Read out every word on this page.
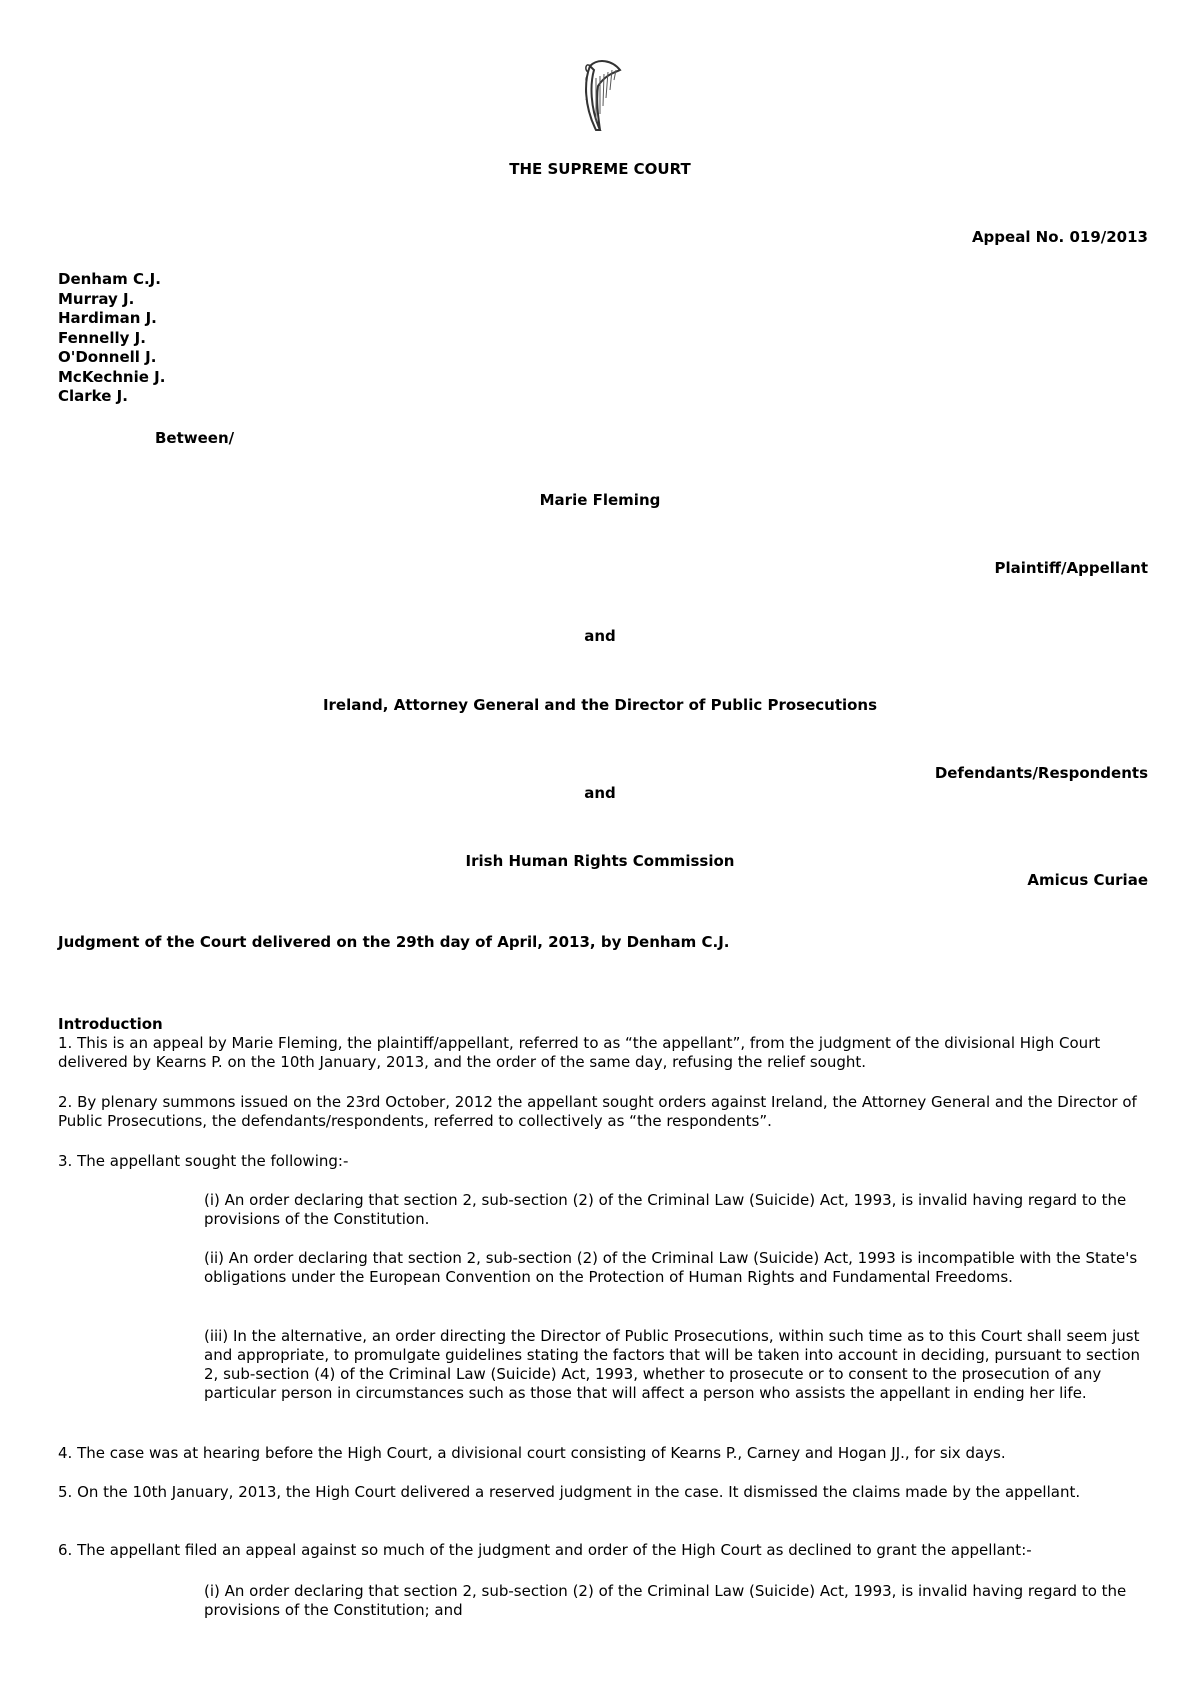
THE SUPREME COURT
Appeal No. 019/2013
Denham C.J.
Murray J.
Hardiman J.
Fennelly J.
O'Donnell J.
McKechnie J.
Clarke J.
Between/
Marie Fleming
Plaintiff/Appellant
and
Ireland, Attorney General and the Director of Public Prosecutions
Defendants/Respondents
and
Irish Human Rights Commission
Amicus Curiae
Judgment of the Court delivered on the 29th day of April, 2013, by Denham C.J.
Introduction
1. This is an appeal by Marie Fleming, the plaintiff/appellant, referred to as “the appellant”, from the judgment of the divisional High Court delivered by Kearns P. on the 10th January, 2013, and the order of the same day, refusing the relief sought.
2. By plenary summons issued on the 23rd October, 2012 the appellant sought orders against Ireland, the Attorney General and the Director of Public Prosecutions, the defendants/respondents, referred to collectively as “the respondents”.
3. The appellant sought the following:-
(i) An order declaring that section 2, sub-section (2) of the Criminal Law (Suicide) Act, 1993, is invalid having regard to the provisions of the Constitution.
(ii) An order declaring that section 2, sub-section (2) of the Criminal Law (Suicide) Act, 1993 is incompatible with the State's obligations under the European Convention on the Protection of Human Rights and Fundamental Freedoms.
(iii) In the alternative, an order directing the Director of Public Prosecutions, within such time as to this Court shall seem just and appropriate, to promulgate guidelines stating the factors that will be taken into account in deciding, pursuant to section 2, sub-section (4) of the Criminal Law (Suicide) Act, 1993, whether to prosecute or to consent to the prosecution of any particular person in circumstances such as those that will affect a person who assists the appellant in ending her life.
4. The case was at hearing before the High Court, a divisional court consisting of Kearns P., Carney and Hogan JJ., for six days.
5. On the 10th January, 2013, the High Court delivered a reserved judgment in the case. It dismissed the claims made by the appellant.
6. The appellant filed an appeal against so much of the judgment and order of the High Court as declined to grant the appellant:-
(i) An order declaring that section 2, sub-section (2) of the Criminal Law (Suicide) Act, 1993, is invalid having regard to the provisions of the Constitution; and
